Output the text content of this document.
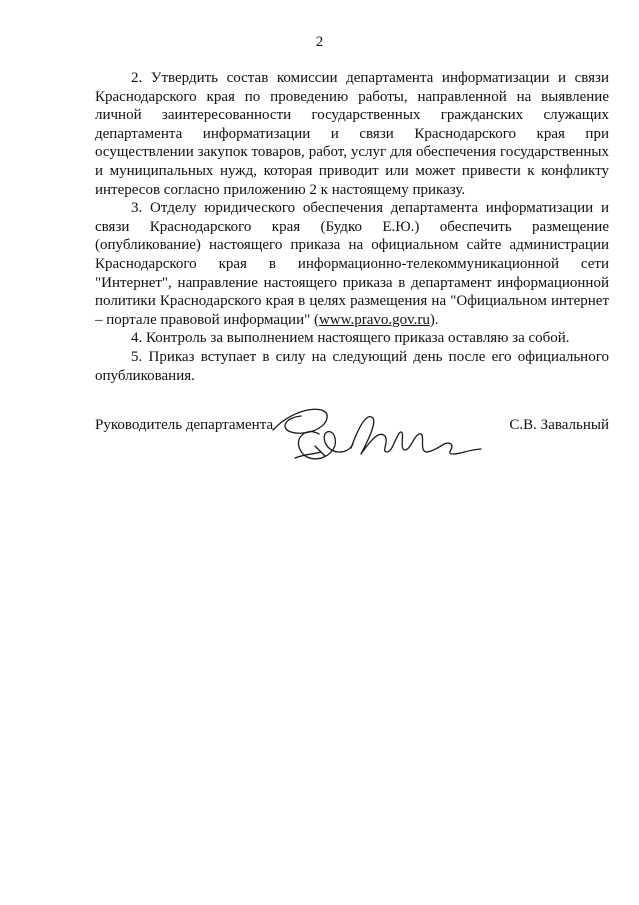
2

2. Утвердить состав комиссии департамента информатизации и связи Краснодарского края по проведению работы, направленной на выявление личной заинтересованности государственных гражданских служащих департамента информатизации и связи Краснодарского края при осуществлении закупок товаров, работ, услуг для обеспечения государственных и муниципальных нужд, которая приводит или может привести к конфликту интересов согласно приложению 2 к настоящему приказу.

3. Отделу юридического обеспечения департамента информатизации и связи Краснодарского края (Будко Е.Ю.) обеспечить размещение (опубликование) настоящего приказа на официальном сайте администрации Краснодарского края в информационно-телекоммуникационной сети "Интернет", направление настоящего приказа в департамент информационной политики Краснодарского края в целях размещения на "Официальном интернет – портале правовой информации" (www.pravo.gov.ru).

4. Контроль за выполнением настоящего приказа оставляю за собой.

5. Приказ вступает в силу на следующий день после его официального опубликования.

Руководитель департамента	С.В. Завальный
